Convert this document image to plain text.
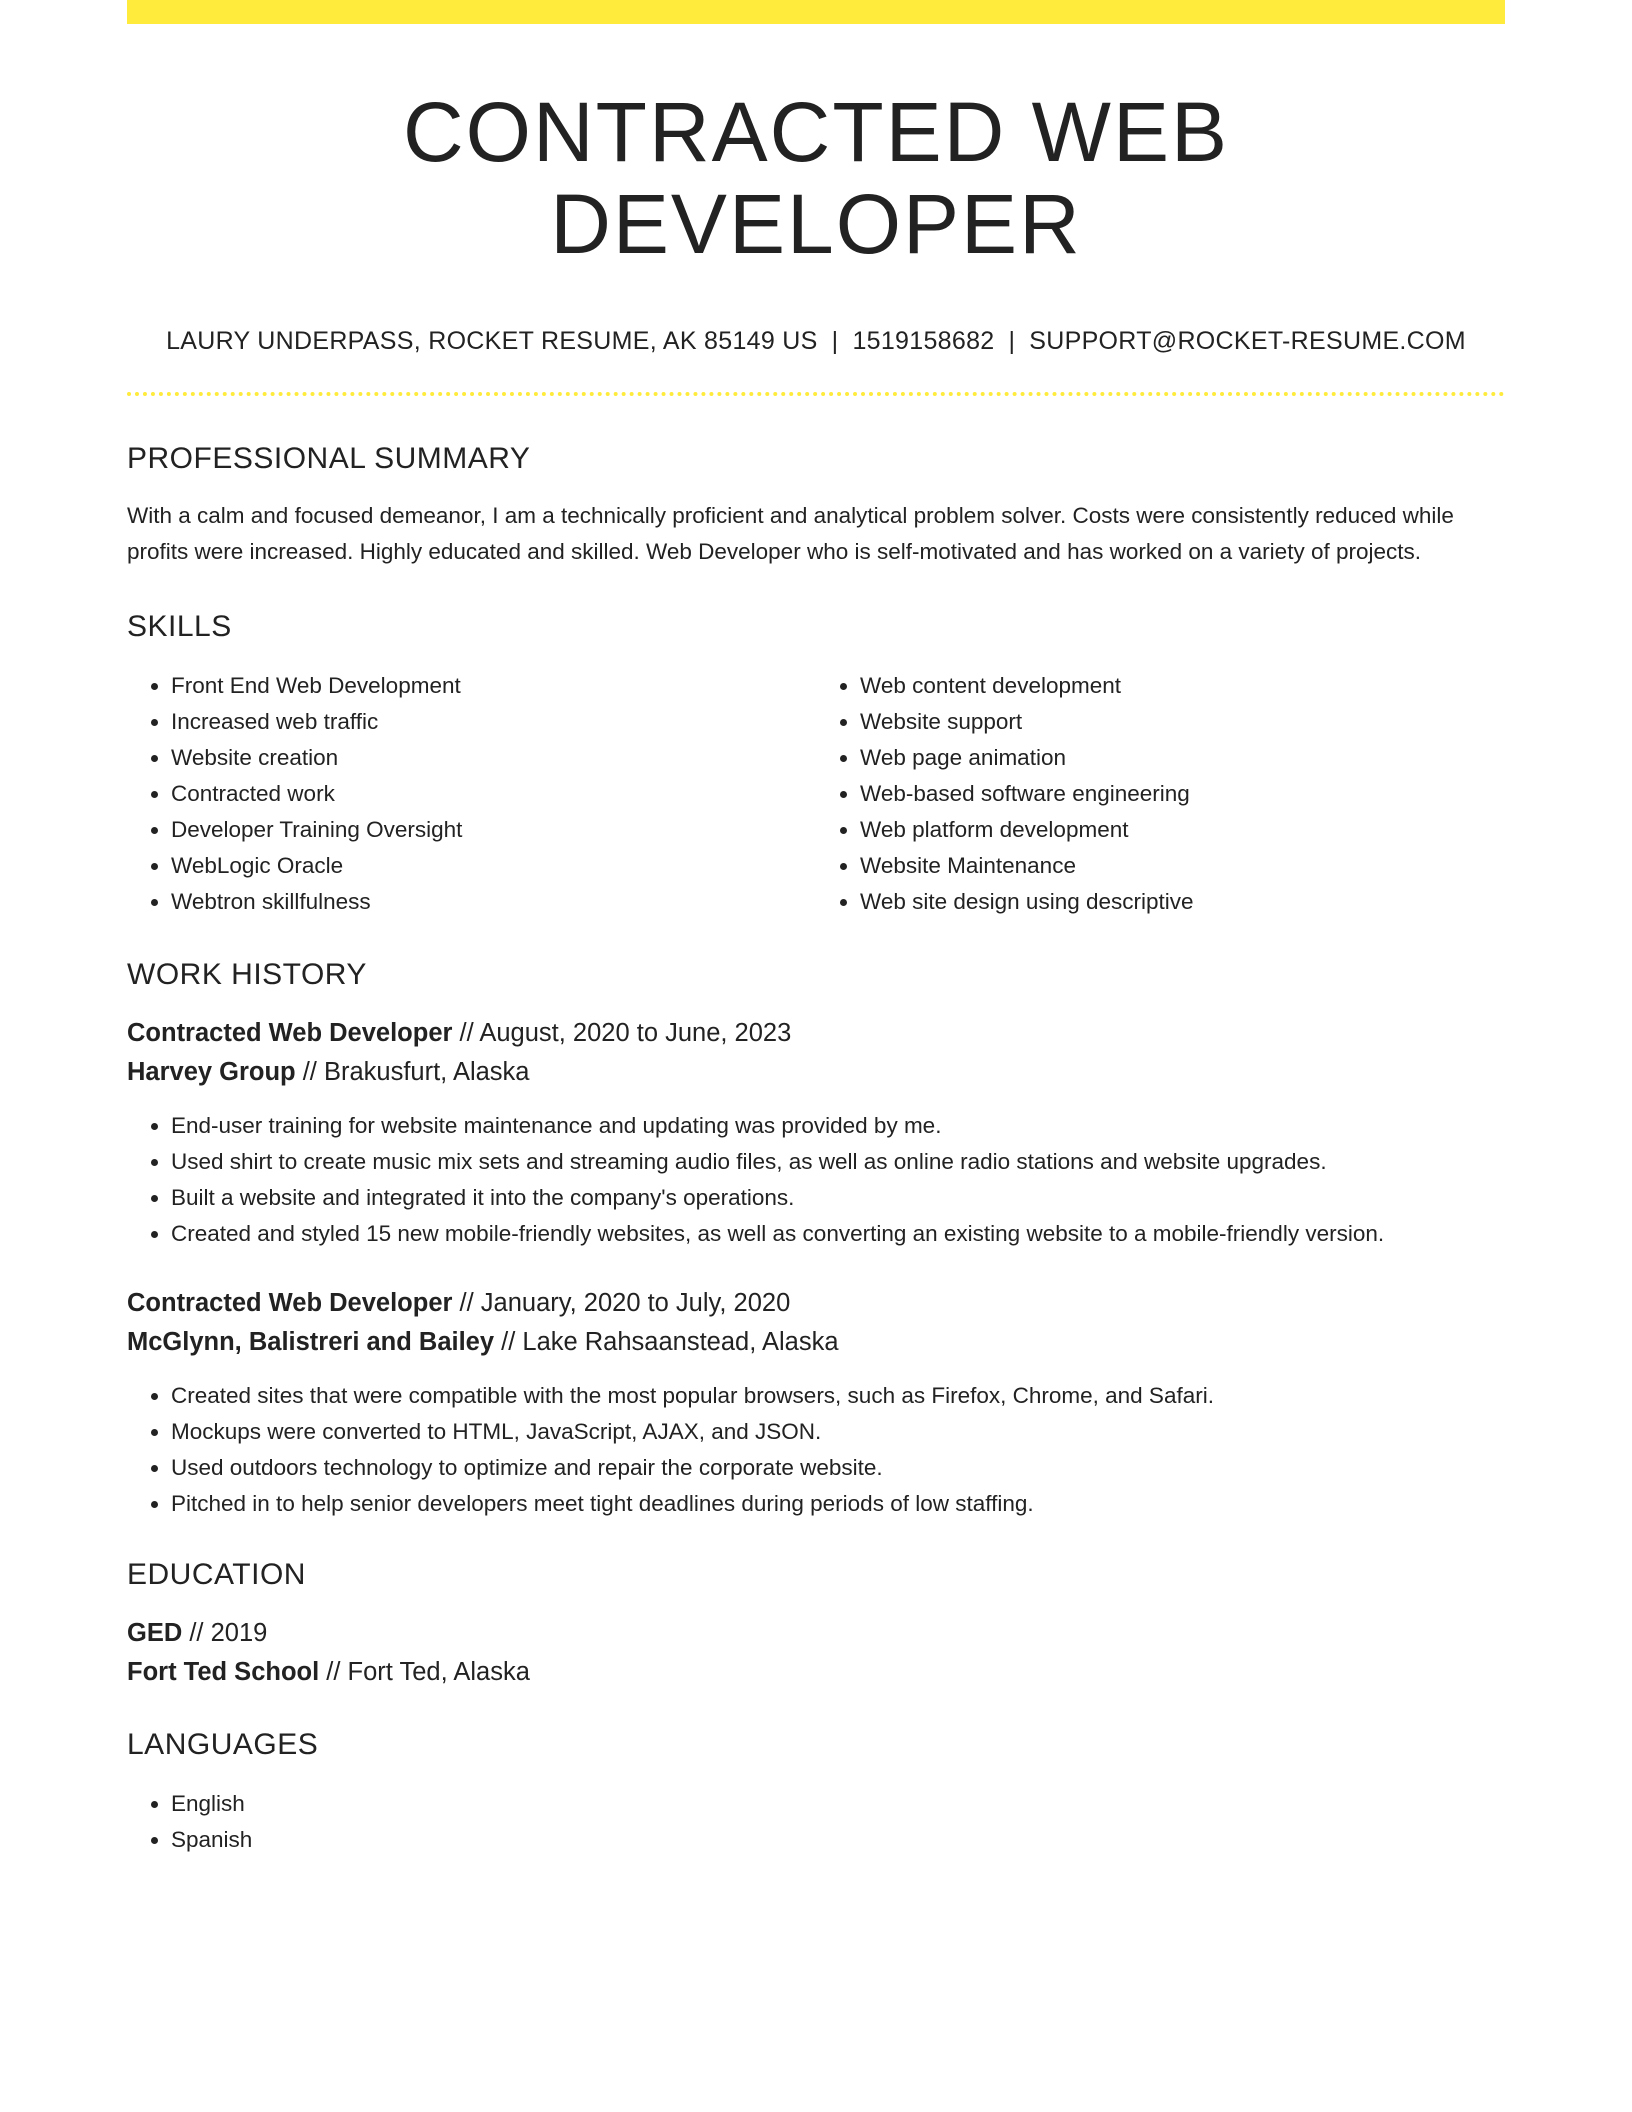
CONTRACTED WEB DEVELOPER
LAURY UNDERPASS, ROCKET RESUME, AK 85149 US | 1519158682 | SUPPORT@ROCKET-RESUME.COM
PROFESSIONAL SUMMARY
With a calm and focused demeanor, I am a technically proficient and analytical problem solver. Costs were consistently reduced while profits were increased. Highly educated and skilled. Web Developer who is self-motivated and has worked on a variety of projects.
SKILLS
• Front End Web Development
• Increased web traffic
• Website creation
• Contracted work
• Developer Training Oversight
• WebLogic Oracle
• Webtron skillfulness
• Web content development
• Website support
• Web page animation
• Web-based software engineering
• Web platform development
• Website Maintenance
• Web site design using descriptive
WORK HISTORY
Contracted Web Developer // August, 2020 to June, 2023
Harvey Group // Brakusfurt, Alaska
• End-user training for website maintenance and updating was provided by me.
• Used shirt to create music mix sets and streaming audio files, as well as online radio stations and website upgrades.
• Built a website and integrated it into the company's operations.
• Created and styled 15 new mobile-friendly websites, as well as converting an existing website to a mobile-friendly version.
Contracted Web Developer // January, 2020 to July, 2020
McGlynn, Balistreri and Bailey // Lake Rahsaanstead, Alaska
• Created sites that were compatible with the most popular browsers, such as Firefox, Chrome, and Safari.
• Mockups were converted to HTML, JavaScript, AJAX, and JSON.
• Used outdoors technology to optimize and repair the corporate website.
• Pitched in to help senior developers meet tight deadlines during periods of low staffing.
EDUCATION
GED // 2019
Fort Ted School // Fort Ted, Alaska
LANGUAGES
• English
• Spanish
